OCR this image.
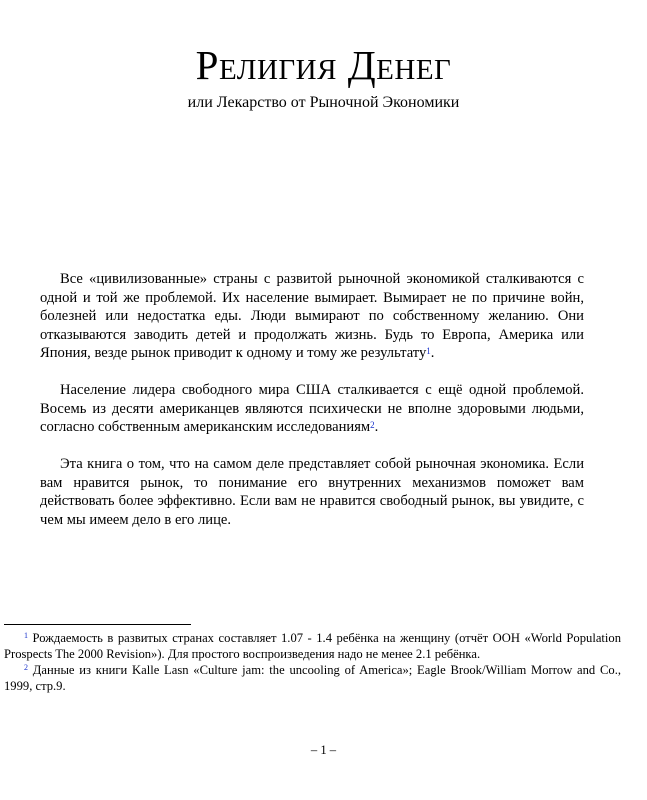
Религия Денег
или Лекарство от Рыночной Экономики

Все «цивилизованные» страны с развитой рыночной экономикой сталкиваются с одной и той же проблемой. Их население вымирает. Вымирает не по причине войн, болезней или недостатка еды. Люди вымирают по собственному желанию. Они отказываются заводить детей и продолжать жизнь. Будь то Европа, Америка или Япония, везде рынок приводит к одному и тому же результату$^1$.

Население лидера свободного мира США сталкивается с ещё одной проблемой. Восемь из десяти американцев являются психически не вполне здоровыми людьми, согласно собственным американским исследованиям$^2$.

Эта книга о том, что на самом деле представляет собой рыночная экономика. Если вам нравится рынок, то понимание его внутренних механизмов поможет вам действовать более эффективно. Если вам не нравится свободный рынок, вы увидите, с чем мы имеем дело в его лице.

$^1$ Рождаемость в развитых странах составляет 1.07 - 1.4 ребёнка на женщину (отчёт ООН «World Population Prospects The 2000 Revision»). Для простого воспроизведения надо не менее 2.1 ребёнка.

$^2$ Данные из книги Kalle Lasn «Culture jam: the uncooling of America»; Eagle Brook/William Morrow and Co., 1999, стр.9.

– 1 –
